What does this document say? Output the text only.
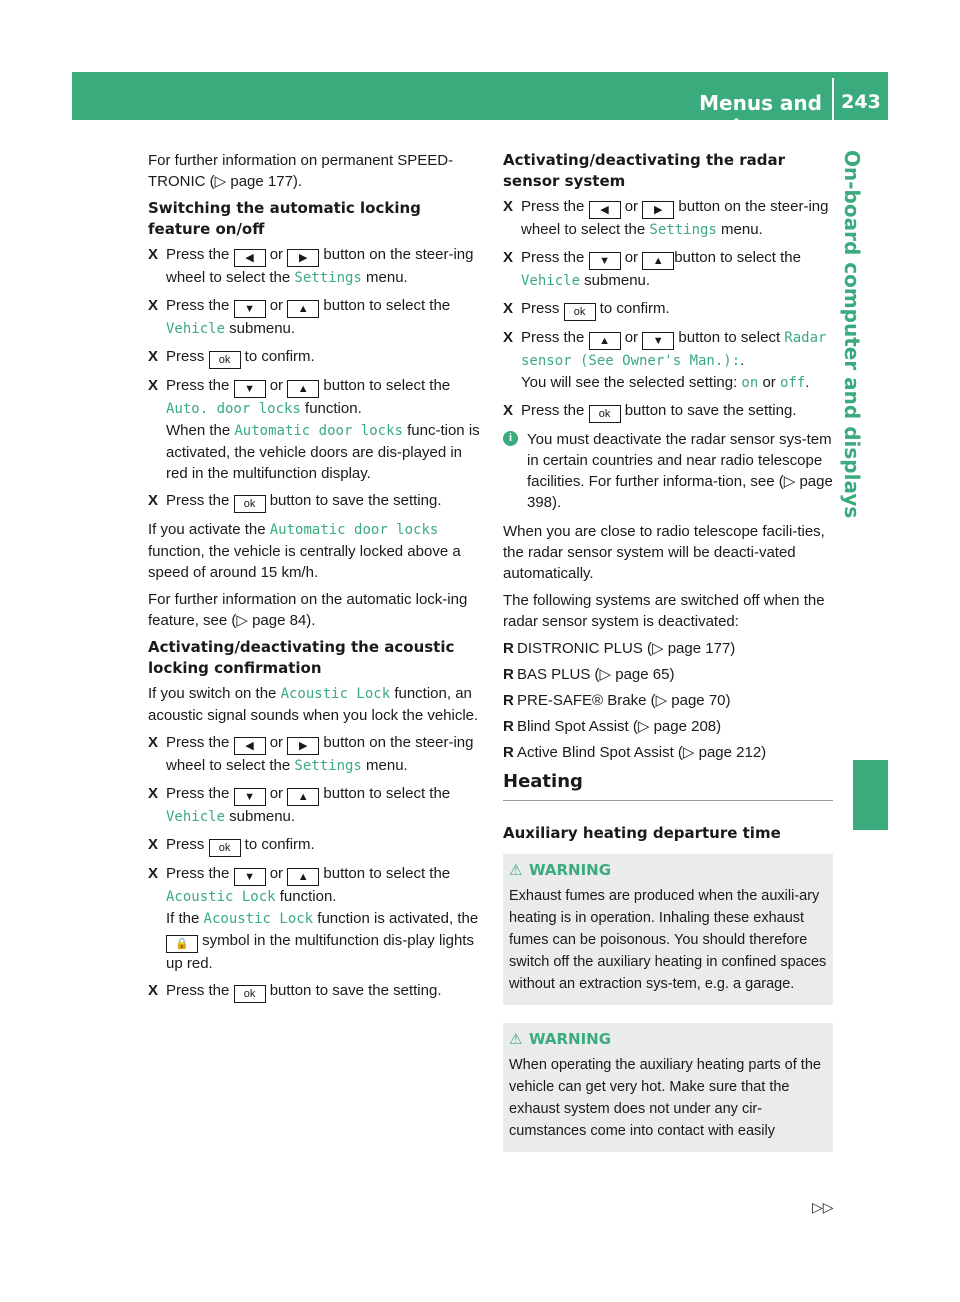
Menus and submenus
243
On-board computer and displays

For further information on permanent SPEED-TRONIC (▷ page 177).

Switching the automatic locking feature on/off
X Press the ◀ or ▶ button on the steer-ing wheel to select the Settings menu.
X Press the ▼ or ▲ button to select the Vehicle submenu.
X Press ok to confirm.
X Press the ▼ or ▲ button to select the Auto. door locks function.
When the Automatic door locks func-tion is activated, the vehicle doors are dis-played in red in the multifunction display.
X Press the ok button to save the setting.

If you activate the Automatic door locks function, the vehicle is centrally locked above a speed of around 15 km/h.

For further information on the automatic lock-ing feature, see (▷ page 84).

Activating/deactivating the acoustic locking confirmation

If you switch on the Acoustic Lock function, an acoustic signal sounds when you lock the vehicle.

X Press the ◀ or ▶ button on the steer-ing wheel to select the Settings menu.
X Press the ▼ or ▲ button to select the Vehicle submenu.
X Press ok to confirm.
X Press the ▼ or ▲ button to select the Acoustic Lock function.
If the Acoustic Lock function is activated, the 🔒 symbol in the multifunction dis-play lights up red.
X Press the ok button to save the setting.
Activating/deactivating the radar sensor system
X Press the ◀ or ▶ button on the steer-ing wheel to select the Settings menu.
X Press the ▼ or ▲ button to select the Vehicle submenu.
X Press ok to confirm.
X Press the ▲ or ▼ button to select Radar sensor (See Owner's Man.):.
You will see the selected setting: on or off.
X Press the ok button to save the setting.
i You must deactivate the radar sensor sys-tem in certain countries and near radio telescope facilities. For further informa-tion, see (▷ page 398).

When you are close to radio telescope facili-ties, the radar sensor system will be deacti-vated automatically.

The following systems are switched off when the radar sensor system is deactivated:

R DISTRONIC PLUS (▷ page 177)
R BAS PLUS (▷ page 65)
R PRE-SAFE® Brake (▷ page 70)
R Blind Spot Assist (▷ page 208)
R Active Blind Spot Assist (▷ page 212)
Heating
Auxiliary heating departure time
⚠ WARNING
Exhaust fumes are produced when the auxili-ary heating is in operation. Inhaling these exhaust fumes can be poisonous. You should therefore switch off the auxiliary heating in confined spaces without an extraction sys-tem, e.g. a garage.
⚠ WARNING
When operating the auxiliary heating parts of the vehicle can get very hot. Make sure that the exhaust system does not under any cir-cumstances come into contact with easily
▷▷
